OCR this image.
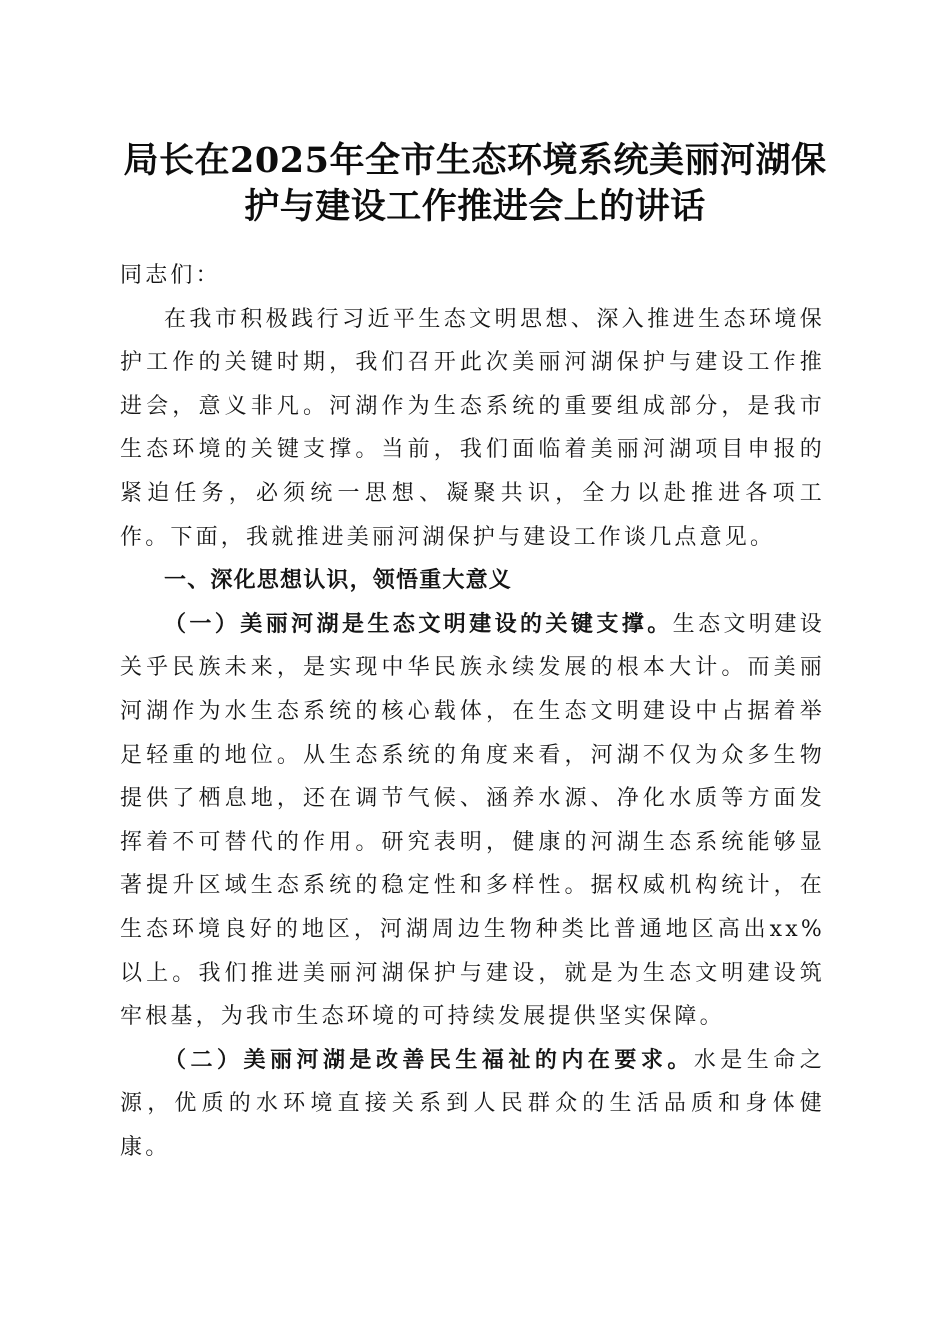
局长在2025年全市生态环境系统美丽河湖保
护与建设工作推进会上的讲话

同志们：

在我市积极践行习近平生态文明思想、深入推进生态环境保护工作的关键时期，我们召开此次美丽河湖保护与建设工作推进会，意义非凡。河湖作为生态系统的重要组成部分，是我市生态环境的关键支撑。当前，我们面临着美丽河湖项目申报的紧迫任务，必须统一思想、凝聚共识，全力以赴推进各项工作。下面，我就推进美丽河湖保护与建设工作谈几点意见。

一、深化思想认识，领悟重大意义

（一）美丽河湖是生态文明建设的关键支撑。生态文明建设关乎民族未来，是实现中华民族永续发展的根本大计。而美丽河湖作为水生态系统的核心载体，在生态文明建设中占据着举足轻重的地位。从生态系统的角度来看，河湖不仅为众多生物提供了栖息地，还在调节气候、涵养水源、净化水质等方面发挥着不可替代的作用。研究表明，健康的河湖生态系统能够显著提升区域生态系统的稳定性和多样性。据权威机构统计，在生态环境良好的地区，河湖周边生物种类比普通地区高出xx%以上。我们推进美丽河湖保护与建设，就是为生态文明建设筑牢根基，为我市生态环境的可持续发展提供坚实保障。

（二）美丽河湖是改善民生福祉的内在要求。水是生命之源，优质的水环境直接关系到人民群众的生活品质和身体健康。
